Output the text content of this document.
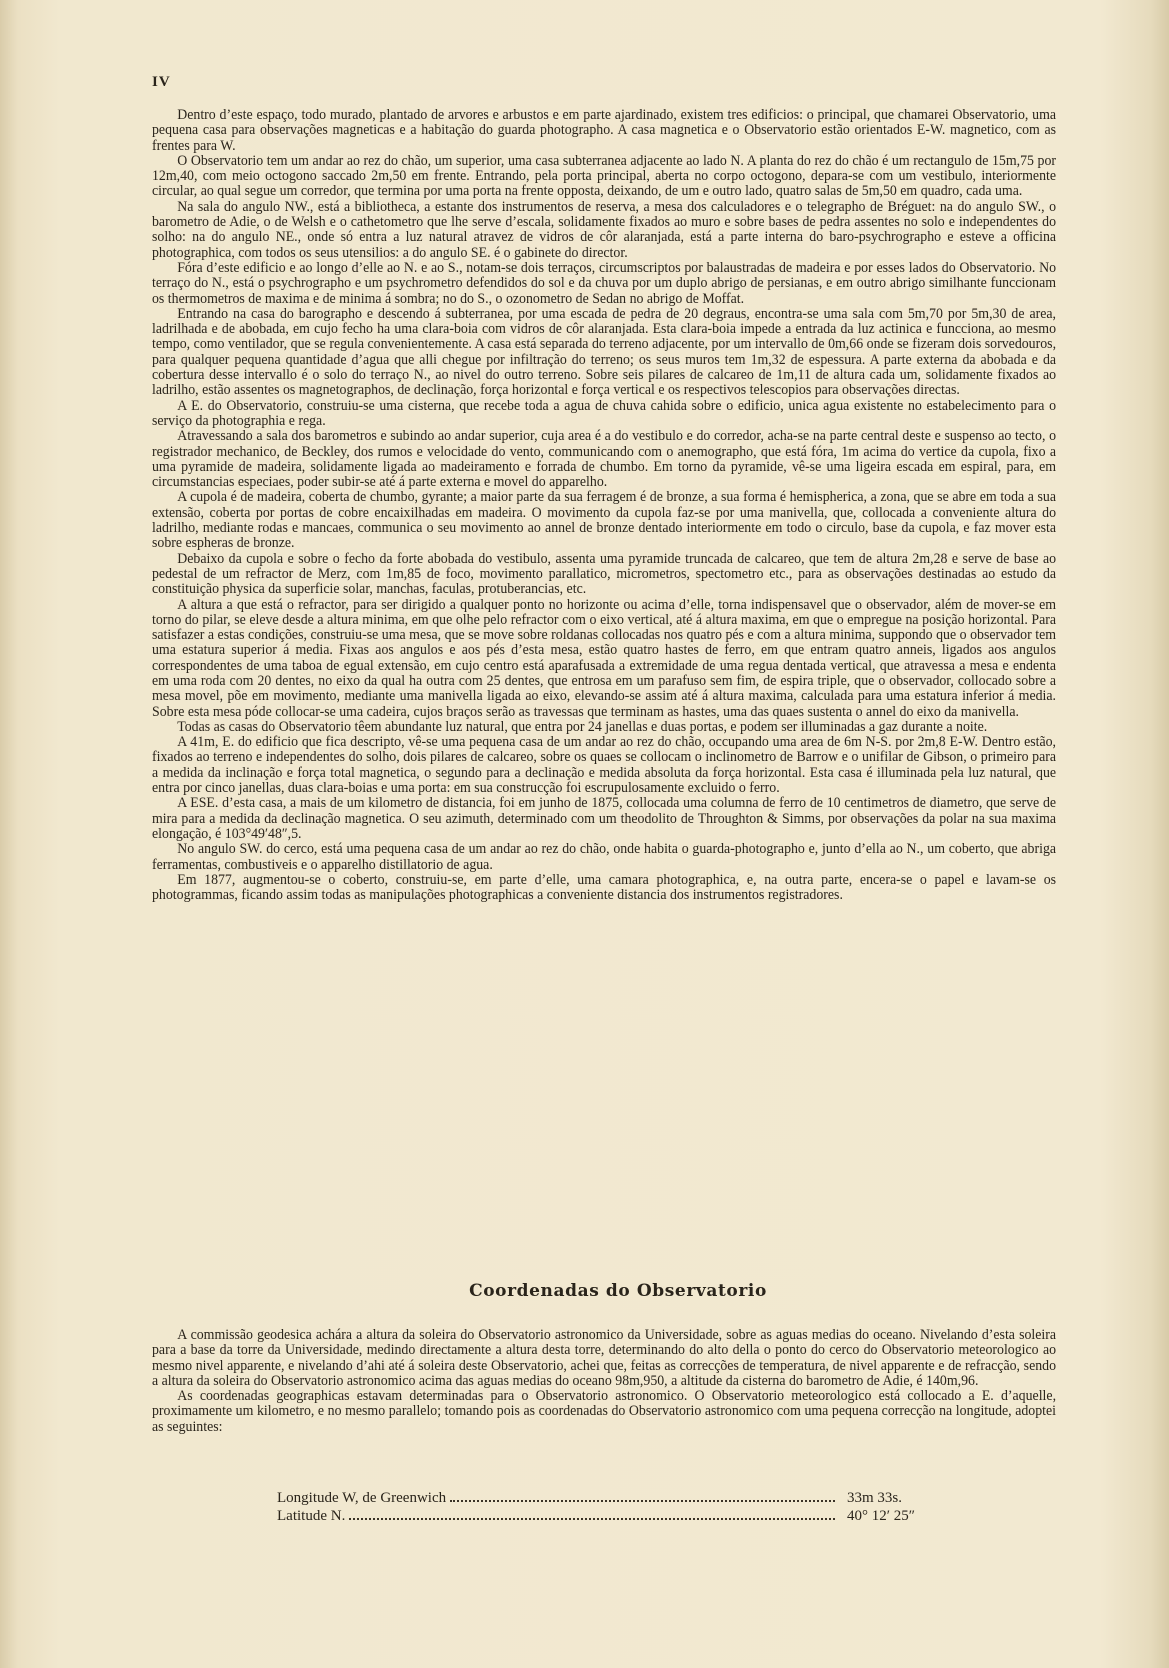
IV

Dentro d’este espaço, todo murado, plantado de arvores e arbustos e em parte ajardinado, existem tres edificios: o principal, que chamarei Observatorio, uma pequena casa para observações magneticas e a habitação do guarda photographo. A casa magnetica e o Observatorio estão orientados E-W. magnetico, com as frentes para W.

O Observatorio tem um andar ao rez do chão, um superior, uma casa subterranea adjacente ao lado N. A planta do rez do chão é um rectangulo de 15m,75 por 12m,40, com meio octogono saccado 2m,50 em frente. Entrando, pela porta principal, aberta no corpo octogono, depara-se com um vestibulo, interiormente circular, ao qual segue um corredor, que termina por uma porta na frente opposta, deixando, de um e outro lado, quatro salas de 5m,50 em quadro, cada uma.

Na sala do angulo NW., está a bibliotheca, a estante dos instrumentos de reserva, a mesa dos calculadores e o telegrapho de Bréguet: na do angulo SW., o barometro de Adie, o de Welsh e o cathetometro que lhe serve d’escala, solidamente fixados ao muro e sobre bases de pedra assentes no solo e independentes do solho: na do angulo NE., onde só entra a luz natural atravez de vidros de côr alaranjada, está a parte interna do baro-psychrographo e esteve a officina photographica, com todos os seus utensilios: a do angulo SE. é o gabinete do director.

Fóra d’este edificio e ao longo d’elle ao N. e ao S., notam-se dois terraços, circumscriptos por balaustradas de madeira e por esses lados do Observatorio. No terraço do N., está o psychrographo e um psychrometro defendidos do sol e da chuva por um duplo abrigo de persianas, e em outro abrigo similhante funccionam os thermometros de maxima e de minima á sombra; no do S., o ozonometro de Sedan no abrigo de Moffat.

Entrando na casa do barographo e descendo á subterranea, por uma escada de pedra de 20 degraus, encontra-se uma sala com 5m,70 por 5m,30 de area, ladrilhada e de abobada, em cujo fecho ha uma clara-boia com vidros de côr alaranjada. Esta clara-boia impede a entrada da luz actinica e funcciona, ao mesmo tempo, como ventilador, que se regula convenientemente. A casa está separada do terreno adjacente, por um intervallo de 0m,66 onde se fizeram dois sorvedouros, para qualquer pequena quantidade d’agua que alli chegue por infiltração do terreno; os seus muros tem 1m,32 de espessura. A parte externa da abobada e da cobertura desse intervallo é o solo do terraço N., ao nivel do outro terreno. Sobre seis pilares de calcareo de 1m,11 de altura cada um, solidamente fixados ao ladrilho, estão assentes os magnetographos, de declinação, força horizontal e força vertical e os respectivos telescopios para observações directas.

A E. do Observatorio, construiu-se uma cisterna, que recebe toda a agua de chuva cahida sobre o edificio, unica agua existente no estabelecimento para o serviço da photographia e rega.

Atravessando a sala dos barometros e subindo ao andar superior, cuja area é a do vestibulo e do corredor, acha-se na parte central deste e suspenso ao tecto, o registrador mechanico, de Beckley, dos rumos e velocidade do vento, communicando com o anemographo, que está fóra, 1m acima do vertice da cupola, fixo a uma pyramide de madeira, solidamente ligada ao madeiramento e forrada de chumbo. Em torno da pyramide, vê-se uma ligeira escada em espiral, para, em circumstancias especiaes, poder subir-se até á parte externa e movel do apparelho.

A cupola é de madeira, coberta de chumbo, gyrante; a maior parte da sua ferragem é de bronze, a sua forma é hemispherica, a zona, que se abre em toda a sua extensão, coberta por portas de cobre encaixilhadas em madeira. O movimento da cupola faz-se por uma manivella, que, collocada a conveniente altura do ladrilho, mediante rodas e mancaes, communica o seu movimento ao annel de bronze dentado interiormente em todo o circulo, base da cupola, e faz mover esta sobre espheras de bronze.

Debaixo da cupola e sobre o fecho da forte abobada do vestibulo, assenta uma pyramide truncada de calcareo, que tem de altura 2m,28 e serve de base ao pedestal de um refractor de Merz, com 1m,85 de foco, movimento parallatico, micrometros, spectometro etc., para as observações destinadas ao estudo da constituição physica da superficie solar, manchas, faculas, protuberancias, etc.

A altura a que está o refractor, para ser dirigido a qualquer ponto no horizonte ou acima d’elle, torna indispensavel que o observador, além de mover-se em torno do pilar, se eleve desde a altura minima, em que olhe pelo refractor com o eixo vertical, até á altura maxima, em que o empregue na posição horizontal. Para satisfazer a estas condições, construiu-se uma mesa, que se move sobre roldanas collocadas nos quatro pés e com a altura minima, suppondo que o observador tem uma estatura superior á media. Fixas aos angulos e aos pés d’esta mesa, estão quatro hastes de ferro, em que entram quatro anneis, ligados aos angulos correspondentes de uma taboa de egual extensão, em cujo centro está aparafusada a extremidade de uma regua dentada vertical, que atravessa a mesa e endenta em uma roda com 20 dentes, no eixo da qual ha outra com 25 dentes, que entrosa em um parafuso sem fim, de espira triple, que o observador, collocado sobre a mesa movel, põe em movimento, mediante uma manivella ligada ao eixo, elevando-se assim até á altura maxima, calculada para uma estatura inferior á media. Sobre esta mesa póde collocar-se uma cadeira, cujos braços serão as travessas que terminam as hastes, uma das quaes sustenta o annel do eixo da manivella.

Todas as casas do Observatorio têem abundante luz natural, que entra por 24 janellas e duas portas, e podem ser illuminadas a gaz durante a noite.

A 41m, E. do edificio que fica descripto, vê-se uma pequena casa de um andar ao rez do chão, occupando uma area de 6m N-S. por 2m,8 E-W. Dentro estão, fixados ao terreno e independentes do solho, dois pilares de calcareo, sobre os quaes se collocam o inclinometro de Barrow e o unifilar de Gibson, o primeiro para a medida da inclinação e força total magnetica, o segundo para a declinação e medida absoluta da força horizontal. Esta casa é illuminada pela luz natural, que entra por cinco janellas, duas clara-boias e uma porta: em sua construcção foi escrupulosamente excluido o ferro.

A ESE. d’esta casa, a mais de um kilometro de distancia, foi em junho de 1875, collocada uma columna de ferro de 10 centimetros de diametro, que serve de mira para a medida da declinação magnetica. O seu azimuth, determinado com um theodolito de Throughton & Simms, por observações da polar na sua maxima elongação, é 103°49′48″,5.

No angulo SW. do cerco, está uma pequena casa de um andar ao rez do chão, onde habita o guarda-photographo e, junto d’ella ao N., um coberto, que abriga ferramentas, combustiveis e o apparelho distillatorio de agua.

Em 1877, augmentou-se o coberto, construiu-se, em parte d’elle, uma camara photographica, e, na outra parte, encera-se o papel e lavam-se os photogrammas, ficando assim todas as manipulações photographicas a conveniente distancia dos instrumentos registradores.

Coordenadas do Observatorio

A commissão geodesica achára a altura da soleira do Observatorio astronomico da Universidade, sobre as aguas medias do oceano. Nivelando d’esta soleira para a base da torre da Universidade, medindo directamente a altura desta torre, determinando do alto della o ponto do cerco do Observatorio meteorologico ao mesmo nivel apparente, e nivelando d’ahi até á soleira deste Observatorio, achei que, feitas as correcções de temperatura, de nivel apparente e de refracção, sendo a altura da soleira do Observatorio astronomico acima das aguas medias do oceano 98m,950, a altitude da cisterna do barometro de Adie, é 140m,96.

As coordenadas geographicas estavam determinadas para o Observatorio astronomico. O Observatorio meteorologico está collocado a E. d’aquelle, proximamente um kilometro, e no mesmo parallelo; tomando pois as coordenadas do Observatorio astronomico com uma pequena correcção na longitude, adoptei as seguintes:

Longitude W, de Greenwich	33m 33s.
Latitude N.	40° 12′ 25″
